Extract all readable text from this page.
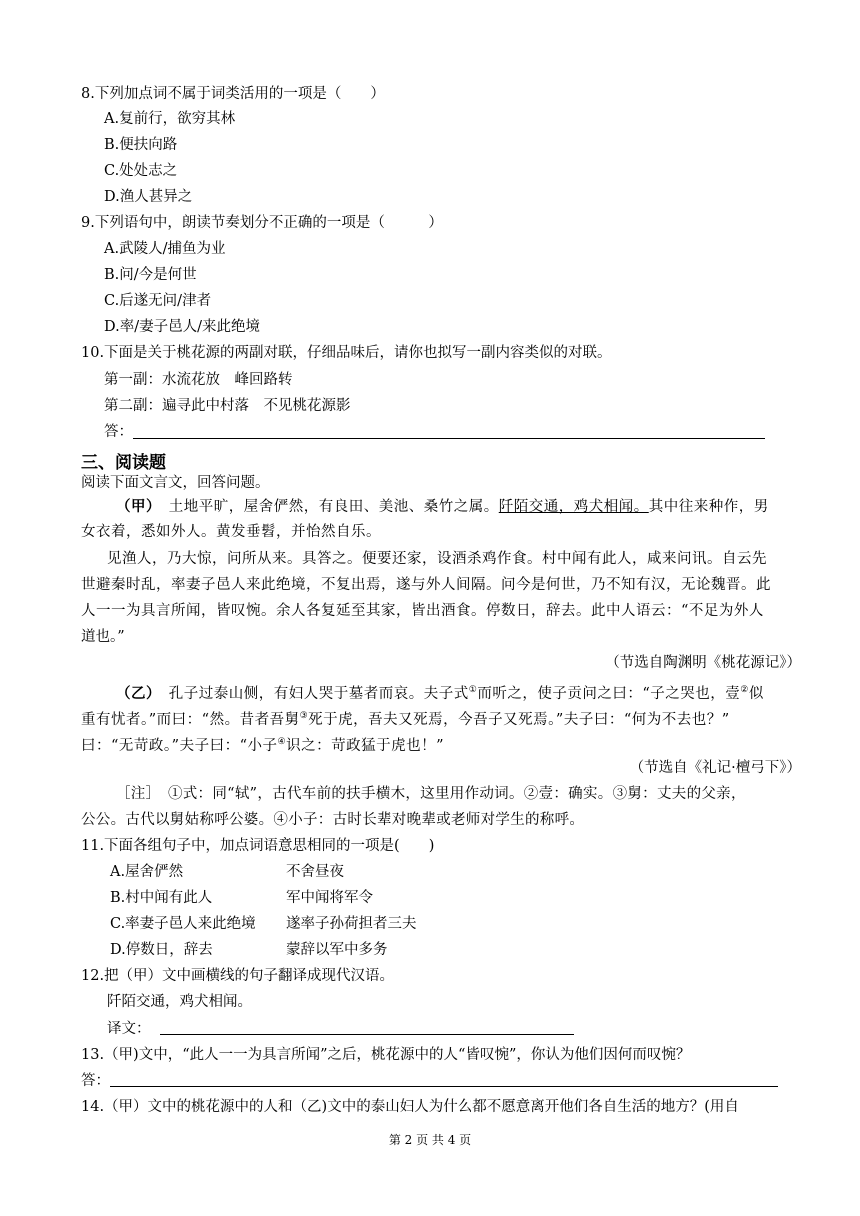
8.下列加点词不属于词类活用的一项是（　　）
A.复前行，欲穷其林
B.便扶向路
C.处处志之
D.渔人甚异之
9.下列语句中，朗读节奏划分不正确的一项是（　　　）
A.武陵人/捕鱼为业
B.问/今是何世
C.后遂无问/津者
D.率/妻子邑人/来此绝境
10.下面是关于桃花源的两副对联，仔细品味后，请你也拟写一副内容类似的对联。
第一副：水流花放　峰回路转
第二副：遍寻此中村落　不见桃花源影
答：
三、阅读题
阅读下面文言文，回答问题。
（甲）　 土地平旷，屋舍俨然，有良田、美池、桑竹之属。阡陌交通，鸡犬相闻。其中往来种作，男
女衣着，悉如外人。黄发垂髫，并怡然自乐。
见渔人，乃大惊，问所从来。具答之。便要还家，设酒杀鸡作食。村中闻有此人，咸来问讯。自云先
世避秦时乱，率妻子邑人来此绝境，不复出焉，遂与外人间隔。问今是何世，乃不知有汉，无论魏晋。此
人一一为具言所闻，皆叹惋。余人各复延至其家，皆出酒食。停数日，辞去。此中人语云：“不足为外人
道也。”
（节选自陶渊明《桃花源记》）
（乙）　 孔子过泰山侧，有妇人哭于墓者而哀。夫子式①而听之，使子贡问之曰：“子之哭也，壹②似
重有忧者。”而曰：“然。昔者吾舅③死于虎，吾夫又死焉，今吾子又死焉。”夫子曰：“何为不去也？”
曰：“无苛政。”夫子曰：“小子④识之：苛政猛于虎也！”
（节选自《礼记·檀弓下》）
［注］　①式：同“轼”，古代车前的扶手横木，这里用作动词。②壹：确实。③舅：丈夫的父亲，
公公。古代以舅姑称呼公婆。④小子：古时长辈对晚辈或老师对学生的称呼。
11.下面各组句子中，加点词语意思相同的一项是(　　)
A.屋舍俨然	不舍昼夜
B.村中闻有此人	军中闻将军令
C.率妻子邑人来此绝境 遂率子孙荷担者三夫
D.停数日，辞去	蒙辞以军中多务
12.把（甲）文中画横线的句子翻译成现代汉语。
阡陌交通，鸡犬相闻。
译文：
13.（甲)文中，“此人一一为具言所闻”之后，桃花源中的人“皆叹惋”，你认为他们因何而叹惋？
答：
14.（甲）文中的桃花源中的人和（乙)文中的泰山妇人为什么都不愿意离开他们各自生活的地方？(用自
第 2 页 共 4 页
